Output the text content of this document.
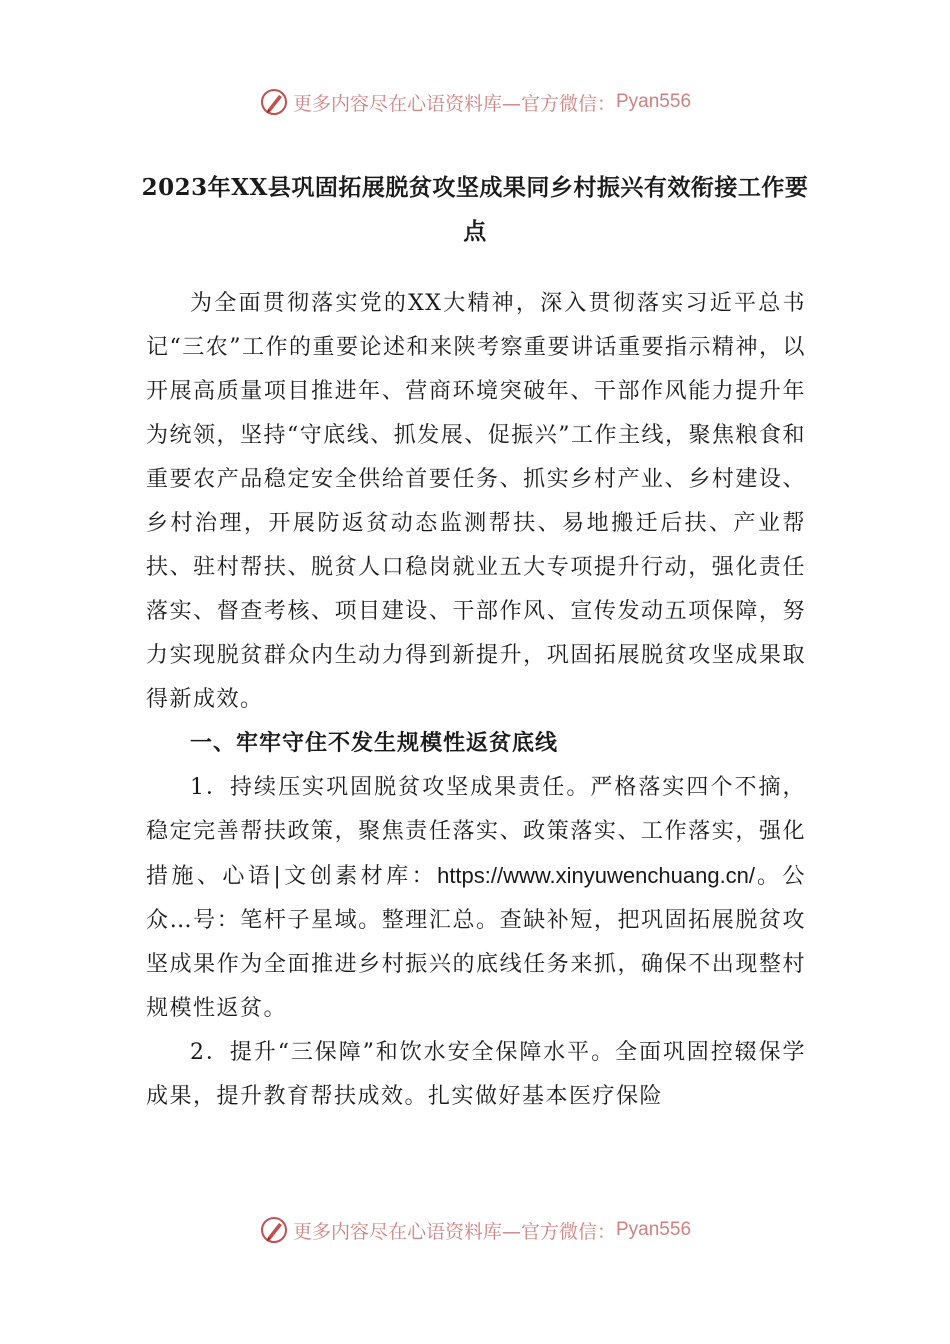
更多内容尽在心语资料库—官方微信： Pyan556
2023年XX县巩固拓展脱贫攻坚成果同乡村振兴有效衔接工作要点

为全面贯彻落实党的XX大精神，深入贯彻落实习近平总书记“三农”工作的重要论述和来陕考察重要讲话重要指示精神，以开展高质量项目推进年、营商环境突破年、干部作风能力提升年为统领，坚持“守底线、抓发展、促振兴”工作主线，聚焦粮食和重要农产品稳定安全供给首要任务、抓实乡村产业、乡村建设、乡村治理，开展防返贫动态监测帮扶、易地搬迁后扶、产业帮扶、驻村帮扶、脱贫人口稳岗就业五大专项提升行动，强化责任落实、督查考核、项目建设、干部作风、宣传发动五项保障，努力实现脱贫群众内生动力得到新提升，巩固拓展脱贫攻坚成果取得新成效。

一、牢牢守住不发生规模性返贫底线

1．持续压实巩固脱贫攻坚成果责任。严格落实四个不摘，稳定完善帮扶政策，聚焦责任落实、政策落实、工作落实，强化措施、心语|文创素材库：https://www.xinyuwenchuang.cn/。公众…号：笔杆子星域。整理汇总。查缺补短，把巩固拓展脱贫攻坚成果作为全面推进乡村振兴的底线任务来抓，确保不出现整村规模性返贫。

2．提升“三保障”和饮水安全保障水平。全面巩固控辍保学成果，提升教育帮扶成效。扎实做好基本医疗保险

更多内容尽在心语资料库—官方微信： Pyan556
